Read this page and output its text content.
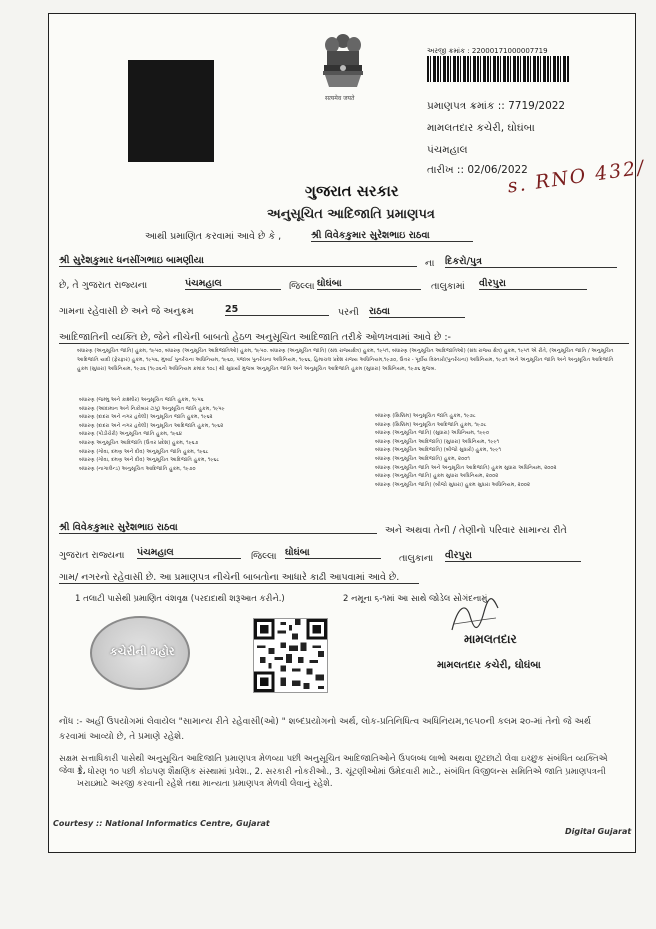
सत्यमेव जयते
અરજી ક્રમાંક : 22000171000007719
પ્રમાણપત્ર ક્રમાંક :: 7719/2022
મામલતદાર કચેરી, ઘોઘંબા
પંચમહાલ
તારીખ :: 02/06/2022
s. RNO 432/
ગુજરાત સરકાર
અનુસૂચિત આદિજાતિ પ્રમાણપત્ર
આથી પ્રમાણિત કરવામાં આવે છે કે ,	શ્રી વિવેકકુમાર સુરેશભાઇ રાઠવા
શ્રી સુરેશકુમાર ધનસીંગભાઇ બામણીયા	ના દિકરો/પુત્ર
છે, તે ગુજરાત રાજ્યના	પંચમહાલ	જિલ્લા ઘોઘંબા	તાલુકામાં વીરપુરા
ગામના રહેવાસી છે અને જે અનુક્રમ	25	પરની રાઠવા
આદિજાતિની વ્યક્તિ છે, જેને નીચેની બાબતો હેઠળ અનુસૂચિત આદિજાતિ તરીકે ઓળખવામાં આવે છે :-
બંધારણ (અનુસૂચિત જાતિ) હુકમ, ૧૯૫૦, બંધારણ (અનુસૂચિત આદિજાતિઓ) હુકમ, ૧૯૫૦. બંધારણ (અનુસૂચિત જાતિ) (સંઘ રાજ્યક્ષેત્ર) હુકમ, ૧૯૫૧, બંધારણ (અનુસૂચિત આદિજાતિઓ) (સંઘ રાજ્ય ક્ષેત્ર) હુકમ, ૧૯૫૧ એ રીતે, (અનુસૂચિત જાતિ / અનુસૂચિત આદિજાતિ યાદી (ફેરફાર) હુકમ, ૧૯૫૬, મુંબઈ પુનર્રચના અધિનિયમ, ૧૯૬૦, પંજાબ પુનર્રચના અધિનિયમ, ૧૯૬૬, હિમાચલ પ્રદેશ રાજ્ય અધિનિયમ,૧૯૭૦, ઉત્તર - પૂર્વીય વિસ્તારો(પુનર્રચના) અધિનિયમ, ૧૯૭૧ અને અનુસૂચિત જાતિ અને અનુસૂચિત આદિજાતિ હુકમ (સુધારા) અધિનિયમ, ૧૯૭૬ (૧૯૭૬નો અધિનિયમ ક્રમાંક ૧૦૮) થી સુધાર્યા મુજબ અનુસૂચિત જાતિ અને અનુસૂચિત આદિજાતિ હુકમ (સુધારા) અધિનિયમ, ૧૯૭૬ મુજબ.
બંધારણ (જમ્મુ અને કાશ્મીર) અનુસૂચિત જાતિ હુકમ, ૧૯૫૬
બંધારણ (આંદામાન અને નિકોબાર ટાપુ) અનુસૂચિત જાતિ હુકમ, ૧૯૫૯
બંધારણ (દાદરા અને નગર હવેલી) અનુસૂચિત જાતિ હુકમ, ૧૯૬૨
બંધારણ (દાદરા અને નગર હવેલી) અનુસૂચિત આદિજાતિ હુકમ, ૧૯૬૨
બંધારણ (પોંડીચેરી) અનુસૂચિત જાતિ હુકમ, ૧૯૬૪
બંધારણ અનુસૂચિત આદિજાતિ (ઉત્તર પ્રદેશ) હુકમ, ૧૯૬૭
બંધારણ (ગોવા, દમણ અને દીવ) અનુસૂચિત જાતિ હુકમ, ૧૯૬૮
બંધારણ (ગોવા, દમણ અને દીવ) અનુસૂચિત આદિજાતિ હુકમ, ૧૯૬૮
બંધારણ (નાગાલેન્ડ) અનુસૂચિત આદિજાતિ હુકમ, ૧૯૭૦
બંધારણ (સિક્કિમ) અનુસૂચિત જાતિ હુકમ, ૧૯૭૮
બંધારણ (સિક્કિમ) અનુસૂચિત આદિજાતિ હુકમ, ૧૯૭૮
બંધારણ (અનુસૂચિત જાતિ) (સુધારા) અધિનિયમ, ૧૯૯૦
બંધારણ (અનુસૂચિત આદિજાતિ) (સુધારા) અધિનિયમ, ૧૯૯૧
બંધારણ (અનુસૂચિત આદિજાતિ) (બીજો સુધારો) હુકમ, ૧૯૯૧
બંધારણ (અનુસૂચિત આદિજાતિ) હુકમ, ૨૦૦૧
બંધારણ (અનુસૂચિત જાતિ અને અનુસૂચિત આદિજાતિ) હુકમ સુધારા અધિનિયમ, ૨૦૦૨
બંધારણ (અનુસૂચિત જાતિ) હુકમ સુધારા અધિનિયમ, ૨૦૦૨
બંધારણ (અનુસૂચિત જાતિ) (બીજો સુધારા) હુકમ સુધારા અધિનિયમ, ૨૦૦૨
શ્રી વિવેકકુમાર સુરેશભાઇ રાઠવા	અને અથવા તેની / તેણીનો પરિવાર સામાન્ય રીતે
ગુજરાત રાજ્યના પંચમહાલ	જિલ્લા ઘોઘંબા
તાલુકાના વીરપુરા
ગામ/ નગરનો રહેવાસી છે. આ પ્રમાણપત્ર નીચેની બાબતોના આધારે કાઢી આપવામાં આવે છે.
1 તલાટી પાસેથી પ્રમાણિત વંશવૃક્ષ (પરદાદાથી શરૂઆત કરીને.)	2 નમૂના ૬-૧માં આ સાથે જોડેલ સોગંદનામું
કચેરીની મહોર
મામલતદાર
મામલતદાર કચેરી, ઘોઘંબા
નોંધ :- અહીં ઉપયોગમાં લેવાયેલ "સામાન્ય રીતે રહેવાસી(ઓ) " શબ્દપ્રયોગનો અર્થ, લોક-પ્રતિનિધિત્વ અધિનિયમ,૧૯૫૦ની કલમ ૨૦-માં તેનો જે અર્થ કરવામાં આવ્યો છે, તે પ્રમાણે રહેશે.
સક્ષમ સત્તાધિકારી પાસેથી અનુસૂચિત આદિજાતિ પ્રમાણપત્ર મેળવ્યા પછી અનુસૂચિત આદિજાતિઓને ઉપલબ્ધ લાભો અથવા છૂટછાટો લેવા ઇચ્છુક સંબંધિત વ્યક્તિએ જેવા કે,
1. ધોરણ ૧૦ પછી કોઇપણ શૈક્ષણિક સંસ્થામાં પ્રવેશ., 2. સરકારી નોકરીઓ., 3. ચૂંટણીઓમાં ઉમેદવારી માટે., સંબંધિત વિજીલન્સ સમિતિએ જાતિ પ્રમાણપત્રની ખરાઇ માટે અરજી કરવાની રહેશે તથા માન્યતા પ્રમાણપત્ર મેળવી લેવાનું રહેશે.
Courtesy :: National Informatics Centre, Gujarat
Digital Gujarat
